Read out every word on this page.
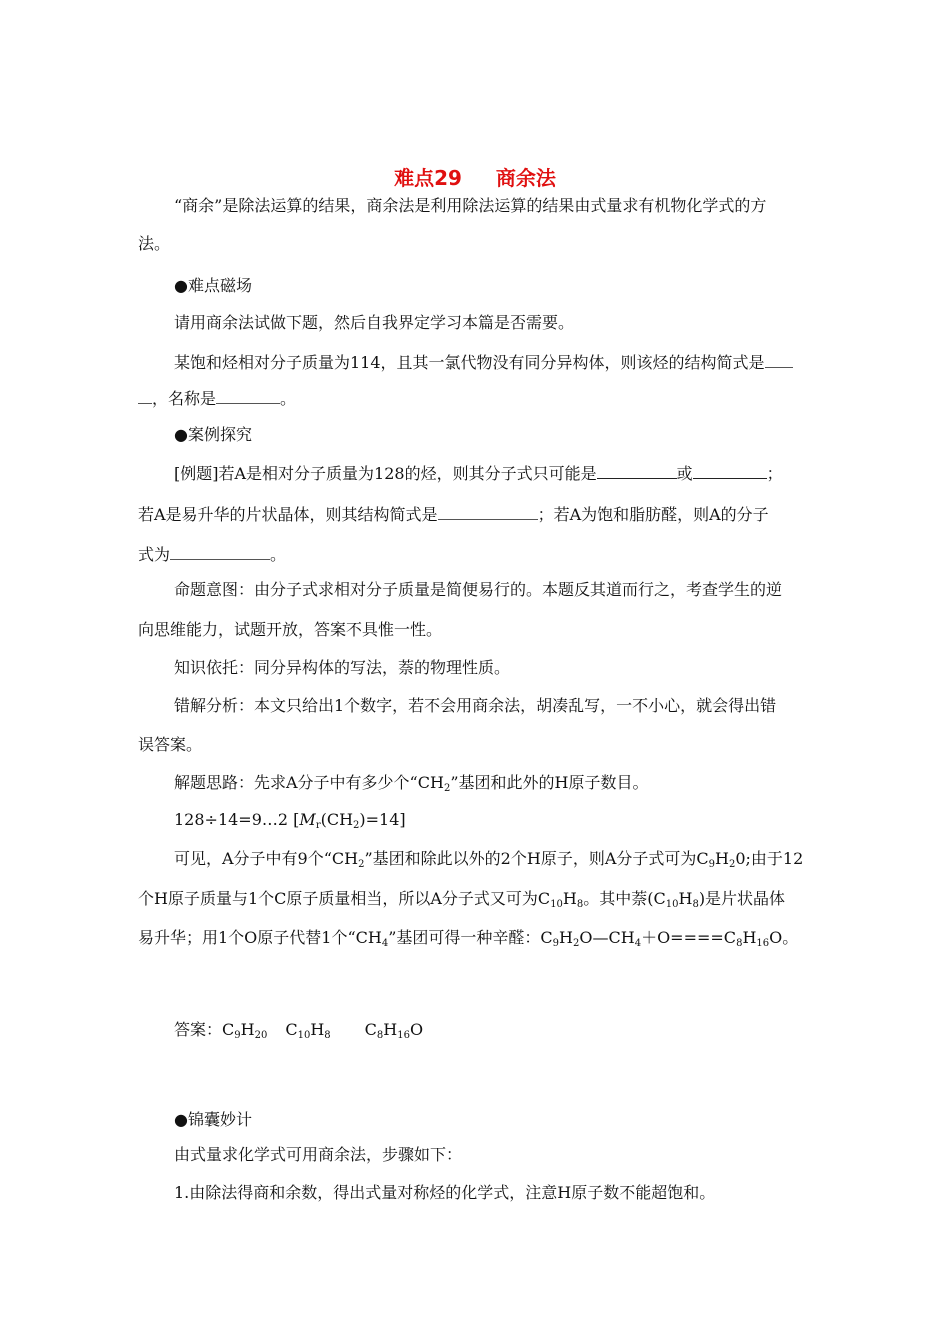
难点29 商余法
“商余”是除法运算的结果，商余法是利用除法运算的结果由式量求有机物化学式的方
法。
●难点磁场
请用商余法试做下题，然后自我界定学习本篇是否需要。
某饱和烃相对分子质量为114，且其一氯代物没有同分异构体，则该烃的结构简式是
，名称是	。
●案例探究
[例题]若A是相对分子质量为128的烃，则其分子式只可能是	或	；
若A是易升华的片状晶体，则其结构简式是	；若A为饱和脂肪醛，则A的分子
式为	。
命题意图：由分子式求相对分子质量是简便易行的。本题反其道而行之，考查学生的逆
向思维能力，试题开放，答案不具惟一性。
知识依托：同分异构体的写法，萘的物理性质。
错解分析：本文只给出1个数字，若不会用商余法，胡凑乱写，一不小心，就会得出错
误答案。
解题思路：先求A分子中有多少个“$CH_2$”基团和此外的H原子数目。
128÷14=9…2 $[M_r(CH_2)=14]$
可见，A分子中有9个“$CH_2$”基团和除此以外的2个H原子，则A分子式可为$C_9H_20$;由于12
个H原子质量与1个C原子质量相当，所以A分子式又可为$C_{10}H_8$。其中萘$(C_{10}H_8)$是片状晶体
易升华；用1个O原子代替1个“$CH_4$”基团可得一种辛醛：$C_9H_2O—CH_4+O====C_8H_{16}O$。
答案：$C_9H_{20}$ $C_{10}H_8$ $C_8H_{16}O$
●锦囊妙计
由式量求化学式可用商余法，步骤如下：
1.由除法得商和余数，得出式量对称烃的化学式，注意H原子数不能超饱和。
